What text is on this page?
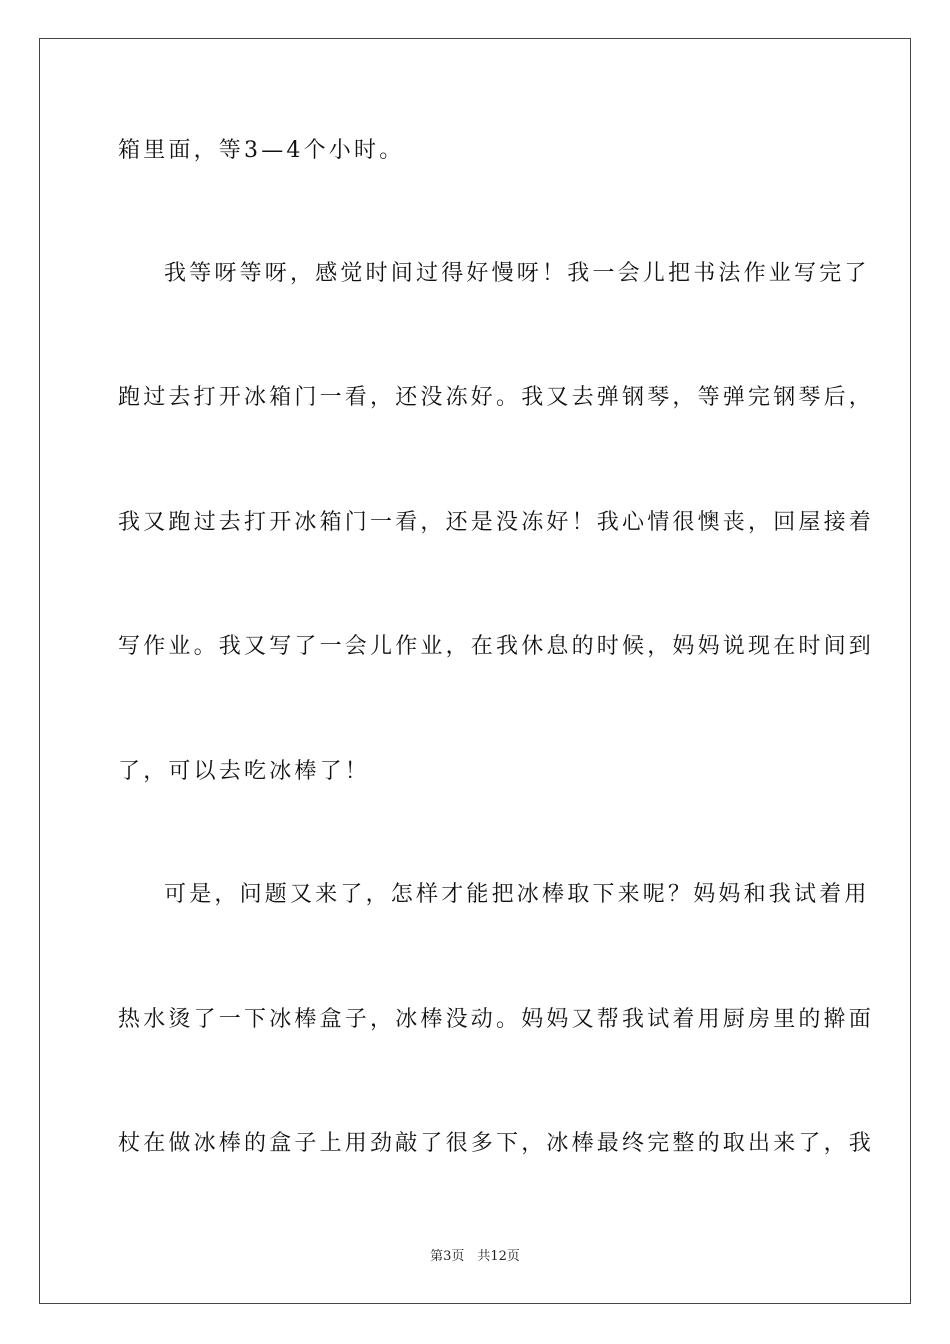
箱里面，等3—4个小时。
我等呀等呀，感觉时间过得好慢呀！我一会儿把书法作业写完了
跑过去打开冰箱门一看，还没冻好。我又去弹钢琴，等弹完钢琴后，
我又跑过去打开冰箱门一看，还是没冻好！我心情很懊丧，回屋接着
写作业。我又写了一会儿作业，在我休息的时候，妈妈说现在时间到
了，可以去吃冰棒了！
可是，问题又来了，怎样才能把冰棒取下来呢？妈妈和我试着用
热水烫了一下冰棒盒子，冰棒没动。妈妈又帮我试着用厨房里的擀面
杖在做冰棒的盒子上用劲敲了很多下，冰棒最终完整的取出来了，我
第3页　共12页
